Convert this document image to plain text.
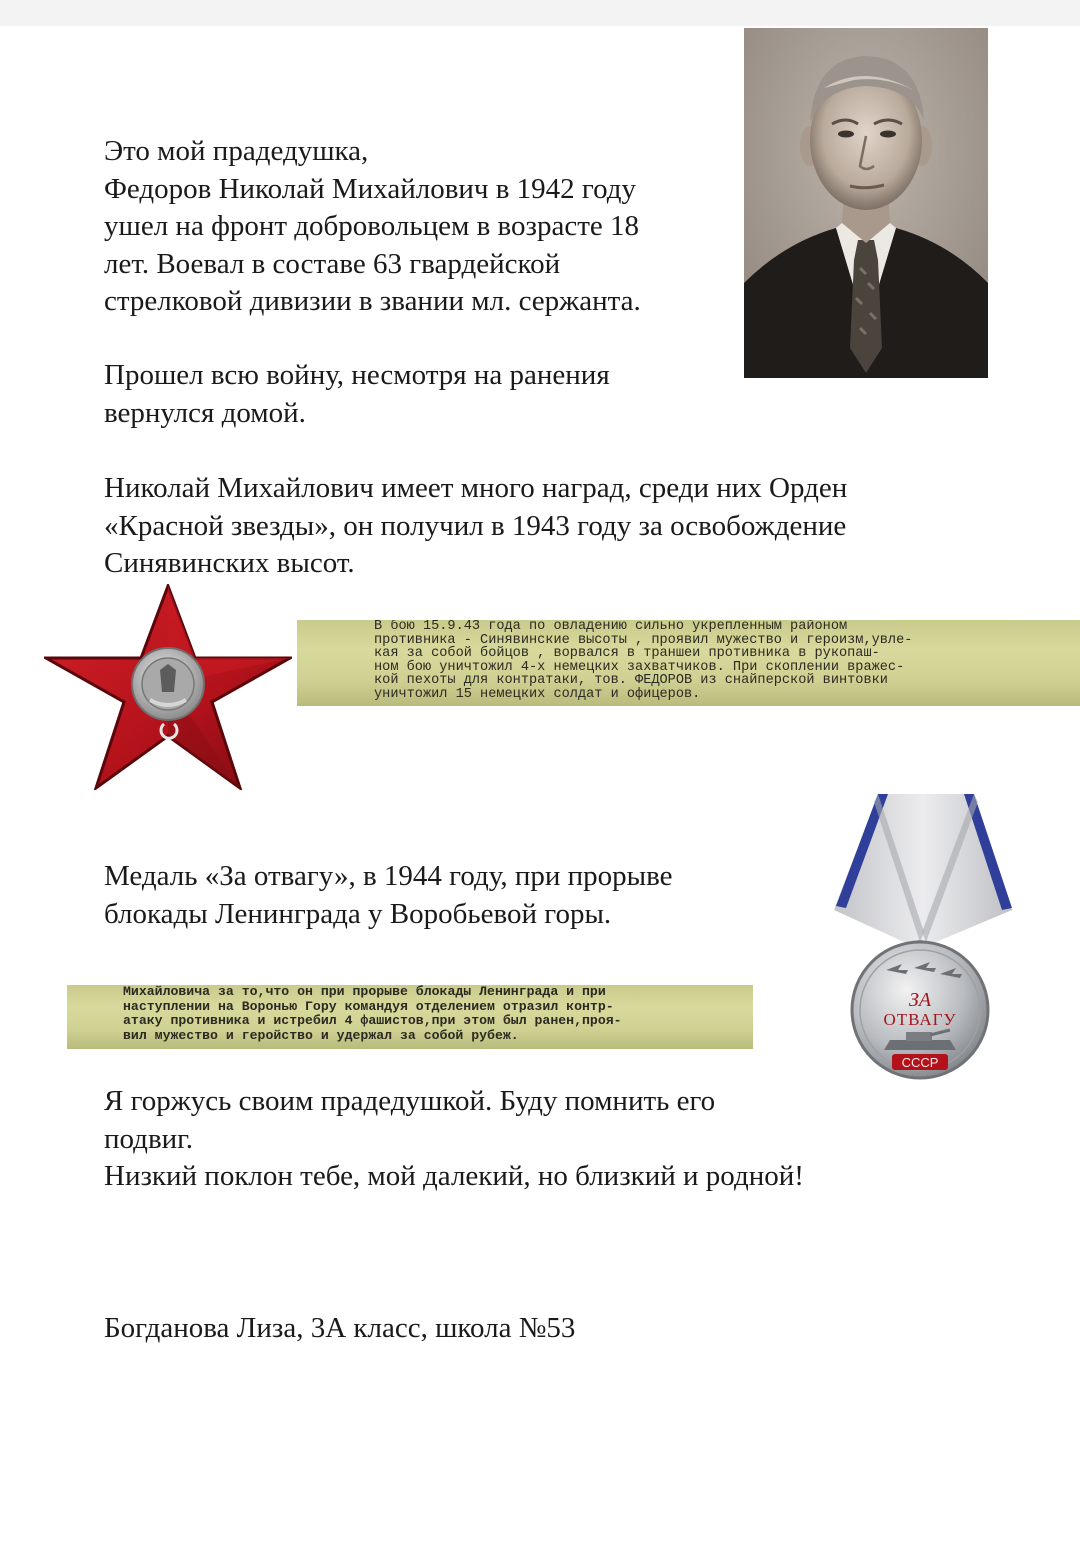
Это мой прадедушка,
Федоров Николай Михайлович в 1942 году
ушел на фронт добровольцем в возрасте 18
лет. Воевал в составе 63 гвардейской
стрелковой дивизии в звании мл. сержанта.
Прошел всю войну, несмотря на ранения
вернулся домой.
Николай Михайлович имеет много наград, среди них Орден
«Красной звезды», он получил в 1943 году за освобождение
Синявинских высот.
В бою 15.9.43 года по овладению сильно укрепленным районом
противника - Синявинские высоты , проявил мужество и героизм,увле-
кая за собой бойцов , ворвался в траншеи противника в рукопаш-
ном бою уничтожил 4-х немецких захватчиков. При скоплении вражес-
кой пехоты для контратаки, тов. ФЕДОРОВ из снайперской винтовки
уничтожил 15 немецких солдат и офицеров.
Медаль «За отвагу», в 1944 году, при прорыве
блокады Ленинграда у Воробьевой горы.
ЗА
ОТВАГУ
СССР
Михайловича за то,что он при прорыве блокады Ленинграда и при
наступлении на Воронью Гору командуя отделением отразил контр-
атаку противника и истребил 4 фашистов,при этом был ранен,проя-
вил мужество и геройство и удержал за собой рубеж.
Я горжусь своим прадедушкой. Буду помнить его
подвиг.
Низкий поклон тебе, мой далекий, но близкий и родной!
Богданова Лиза, 3А класс, школа №53
